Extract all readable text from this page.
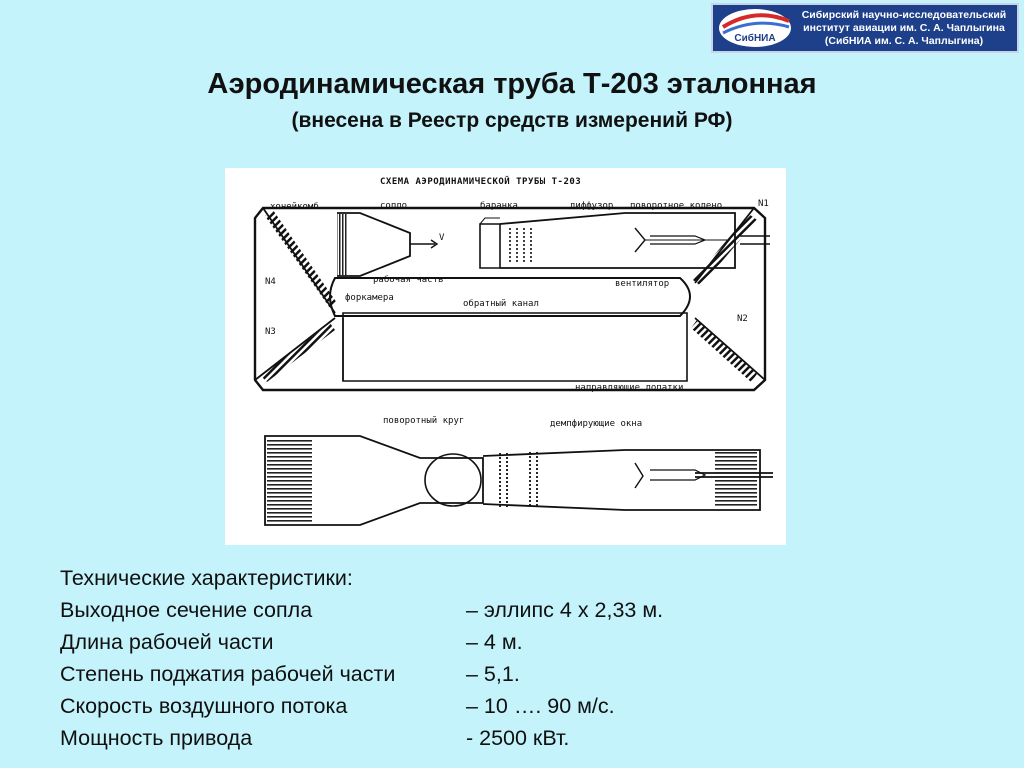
СибНИА
Сибирский научно-исследовательский
институт авиации им. С. А. Чаплыгина
(СибНИА им. С. А. Чаплыгина)
Аэродинамическая труба Т-203 эталонная
(внесена в Реестр средств измерений РФ)
СХЕМА АЭРОДИНАМИЧЕСКОЙ ТРУБЫ Т-203
хонейкомб	сопло	баранка	диффузор поворотное колено	N1
V
N4	рабочая часть
форкамера
вентилятор
обратный канал
N2
N3
направляющие лопатки
поворотный круг	демпфирующие окна
Технические характеристики:
Выходное сечение сопла	– эллипс 4 х 2,33 м.
Длина рабочей части	– 4 м.
Степень поджатия рабочей части	– 5,1.
Скорость воздушного потока	– 10 …. 90 м/с.
Мощность привода	- 2500 кВт.
